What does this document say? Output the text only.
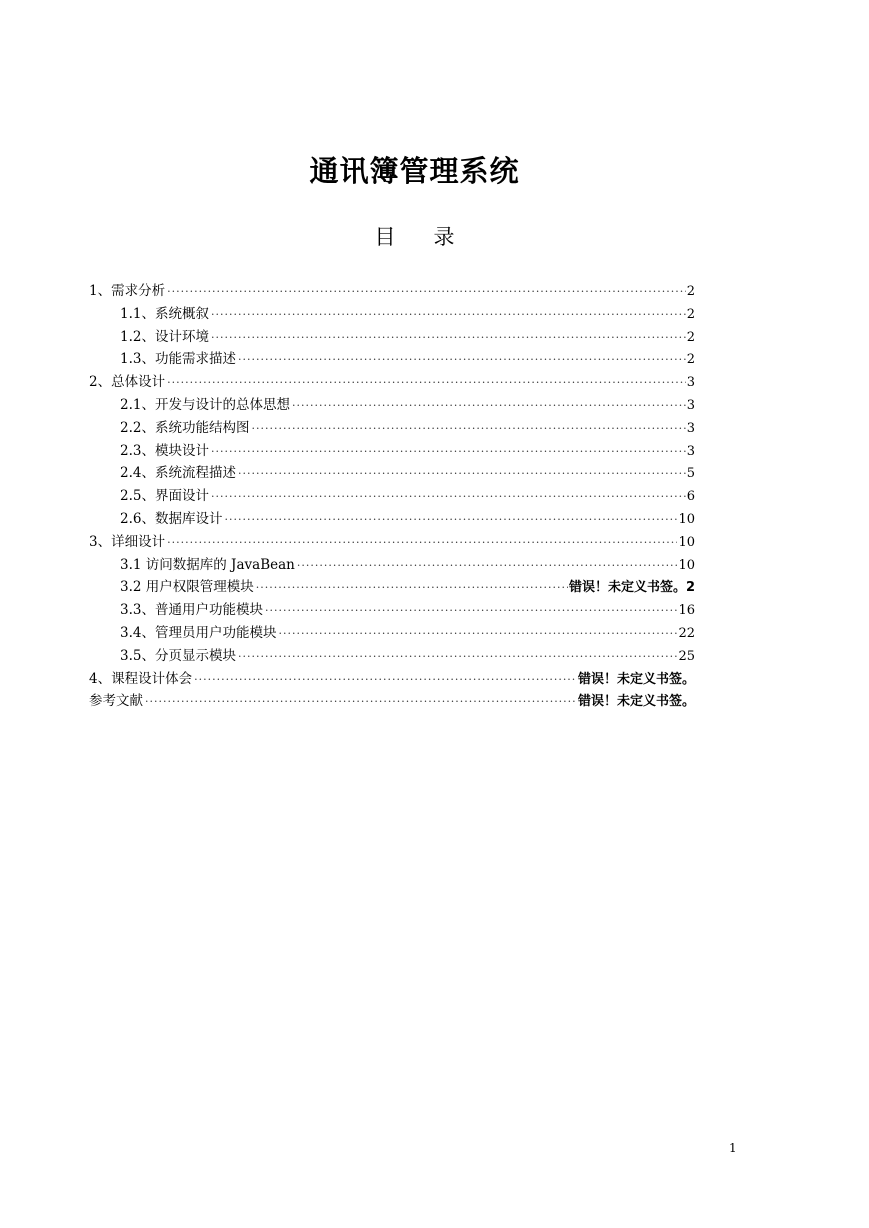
通讯簿管理系统
目 录
1、需求分析 ·····	2
1.1、系统概叙 ·····	2
1.2、设计环境 ·····	2
1.3、功能需求描述 ·····	2
2、总体设计 ·····	3
2.1、开发与设计的总体思想 ·····	3
2.2、系统功能结构图 ·····	3
2.3、模块设计 ·····	3
2.4、系统流程描述 ·····	5
2.5、界面设计 ·····	6
2.6、数据库设计 ·····	10
3、详细设计 ·····	10
3.1 访问数据库的 JavaBean ·····	10
3.2 用户权限管理模块 ·····	错误！未定义书签。2
3.3、普通用户功能模块 ·····	16
3.4、管理员用户功能模块 ·····	22
3.5、分页显示模块 ·····	25
4、课程设计体会 ·····	错误！未定义书签。
参考文献 ·····	错误！未定义书签。
1
